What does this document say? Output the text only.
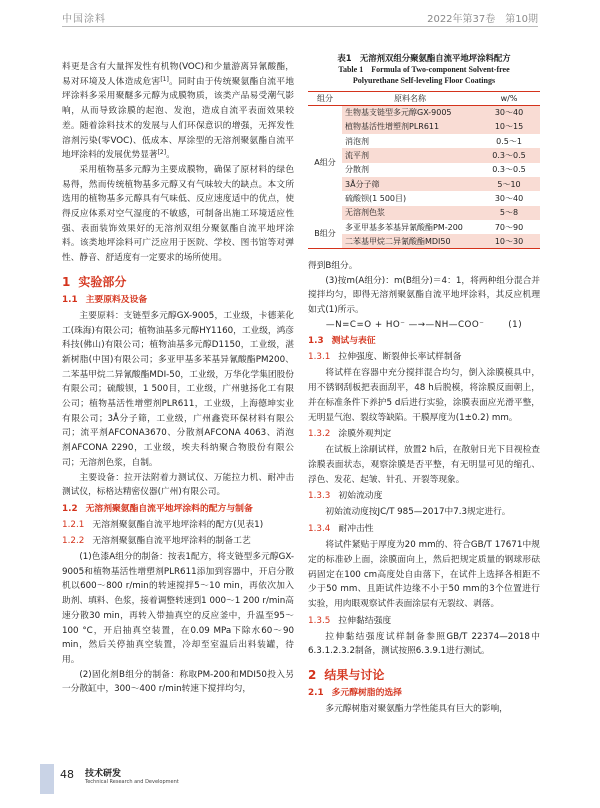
中国涂料	2022年第37卷　第10期

料更是含有大量挥发性有机物(VOC)和少量游离异氰酸酯，易对环境及人体造成危害[1]。同时由于传统聚氨酯自流平地坪涂料多采用聚醚多元醇为成膜物质，该类产品易受潮气影响，从而导致涂膜的起泡、发泡，造成自流平表面效果较差。随着涂料技术的发展与人们环保意识的增强，无挥发性溶剂污染(零VOC)、低成本、厚涂型的无溶剂聚氨酯自流平地坪涂料的发展优势显著[2]。

采用植物基多元醇为主要成膜物，确保了原材料的绿色易得，然而传统植物基多元醇又有气味较大的缺点。本文所选用的植物基多元醇具有气味低、反应速度适中的优点，使得反应体系对空气湿度的不敏感，可制备出施工环境适应性强、表面装饰效果好的无溶剂双组分聚氨酯自流平地坪涂料。该类地坪涂料可广泛应用于医院、学校、图书馆等对弹性、静音、舒适度有一定要求的场所使用。

1 实验部分
1.1 主要原料及设备

主要原料：支链型多元醇GX-9005，工业级，卡德莱化工(珠海)有限公司；植物油基多元醇HY1160，工业级，鸿彦科技(佛山)有限公司；植物油基多元醇D1150，工业级，湛新树脂(中国)有限公司；多亚甲基多苯基异氰酸酯PM200、二苯基甲烷二异氰酸酯MDI-50，工业级，万华化学集团股份有限公司；硫酸钡，1 500目，工业级，广州驰扬化工有限公司；植物基活性增塑剂PLR611，工业级，上海德坤实业有限公司；3Å分子筛，工业级，广州鑫瓷环保材料有限公司；流平剂AFCONA3670、分散剂AFCONA 4063、消泡剂AFCONA 2290，工业级，埃夫科纳聚合物股份有限公司；无溶剂色浆，自制。

主要设备：拉开法附着力测试仪、万能拉力机、耐冲击测试仪，标格达精密仪器(广州)有限公司。

1.2 无溶剂聚氨酯自流平地坪涂料的配方与制备
1.2.1 无溶剂聚氨酯自流平地坪涂料的配方(见表1)
1.2.2 无溶剂聚氨酯自流平地坪涂料的制备工艺

(1)色漆A组分的制备：按表1配方，将支链型多元醇GX-9005和植物基活性增塑剂PLR611添加到容器中，开启分散机以600～800 r/min的转速搅拌5～10 min，再依次加入助剂、填料、色浆，接着调整转速到1 000～1 200 r/min高速分散30 min，再转入带抽真空的反应釜中，升温至95～100 °C，开启抽真空装置，在0.09 MPa下除水60～90 min，然后关停抽真空装置，冷却至室温后出料装罐，待用。

(2)固化剂B组分的制备：称取PM-200和MDI50投入另一分散缸中，300～400 r/min转速下搅拌均匀，

表1　无溶剂双组分聚氨酯自流平地坪涂料配方
Table 1　Formula of Two-component Solvent-free
Polyurethane Self-leveling Floor Coatings
组分	原料名称	w/%
A组分	生物基支链型多元醇GX-9005	30～40
	植物基活性增塑剂PLR611	10～15
	消泡剂	0.5～1
	流平剂	0.3～0.5
	分散剂	0.3～0.5
	3Å分子筛	5～10
	硫酸钡(1 500目)	30～40
	无溶剂色浆	5～8
B组分	多亚甲基多苯基异氰酸酯PM-200	70～90
	二苯基甲烷二异氰酸酯MDI50	10～30

得到B组分。

(3)按m(A组分)：m(B组分)＝4：1，将两种组分混合并搅拌均匀，即得无溶剂聚氨酯自流平地坪涂料，其反应机理如式(1)所示。

—N=C=O + HO⁻ —→—NH—COO⁻	(1)
1.3 测试与表征
1.3.1 拉伸强度、断裂伸长率试样制备

将试样在容器中充分搅拌混合均匀，倒入涂膜模具中，用不锈钢刮板把表面刮平，48 h后脱模，将涂膜反面朝上，并在标准条件下养护5 d后进行实验，涂膜表面应光滑平整，无明显气泡、裂纹等缺陷。干膜厚度为(1±0.2) mm。

1.3.2 涂膜外观判定

在试板上涂刷试样，放置2 h后，在散射日光下目视检查涂膜表面状态，观察涂膜是否平整，有无明显可见的缩孔、浮色、发花、起皱、针孔、开裂等现象。

1.3.3 初始流动度

初始流动度按JC/T 985—2017中7.3规定进行。

1.3.4 耐冲击性

将试件紧贴于厚度为20 mm的、符合GB/T 17671中规定的标准砂上面，涂膜面向上，然后把规定质量的钢球形砝码固定在100 cm高度处自由落下，在试件上选择各相距不少于50 mm、且距试件边缘不小于50 mm的3个位置进行实验，用肉眼观察试件表面涂层有无裂纹、剥落。

1.3.5 拉伸黏结强度

拉伸黏结强度试样制备参照GB/T 22374—2018中6.3.1.2.3.2制备，测试按照6.3.9.1进行测试。

2 结果与讨论
2.1 多元醇树脂的选择

多元醇树脂对聚氨酯力学性能具有巨大的影响，

48 技术研发
Technical Research and Development
